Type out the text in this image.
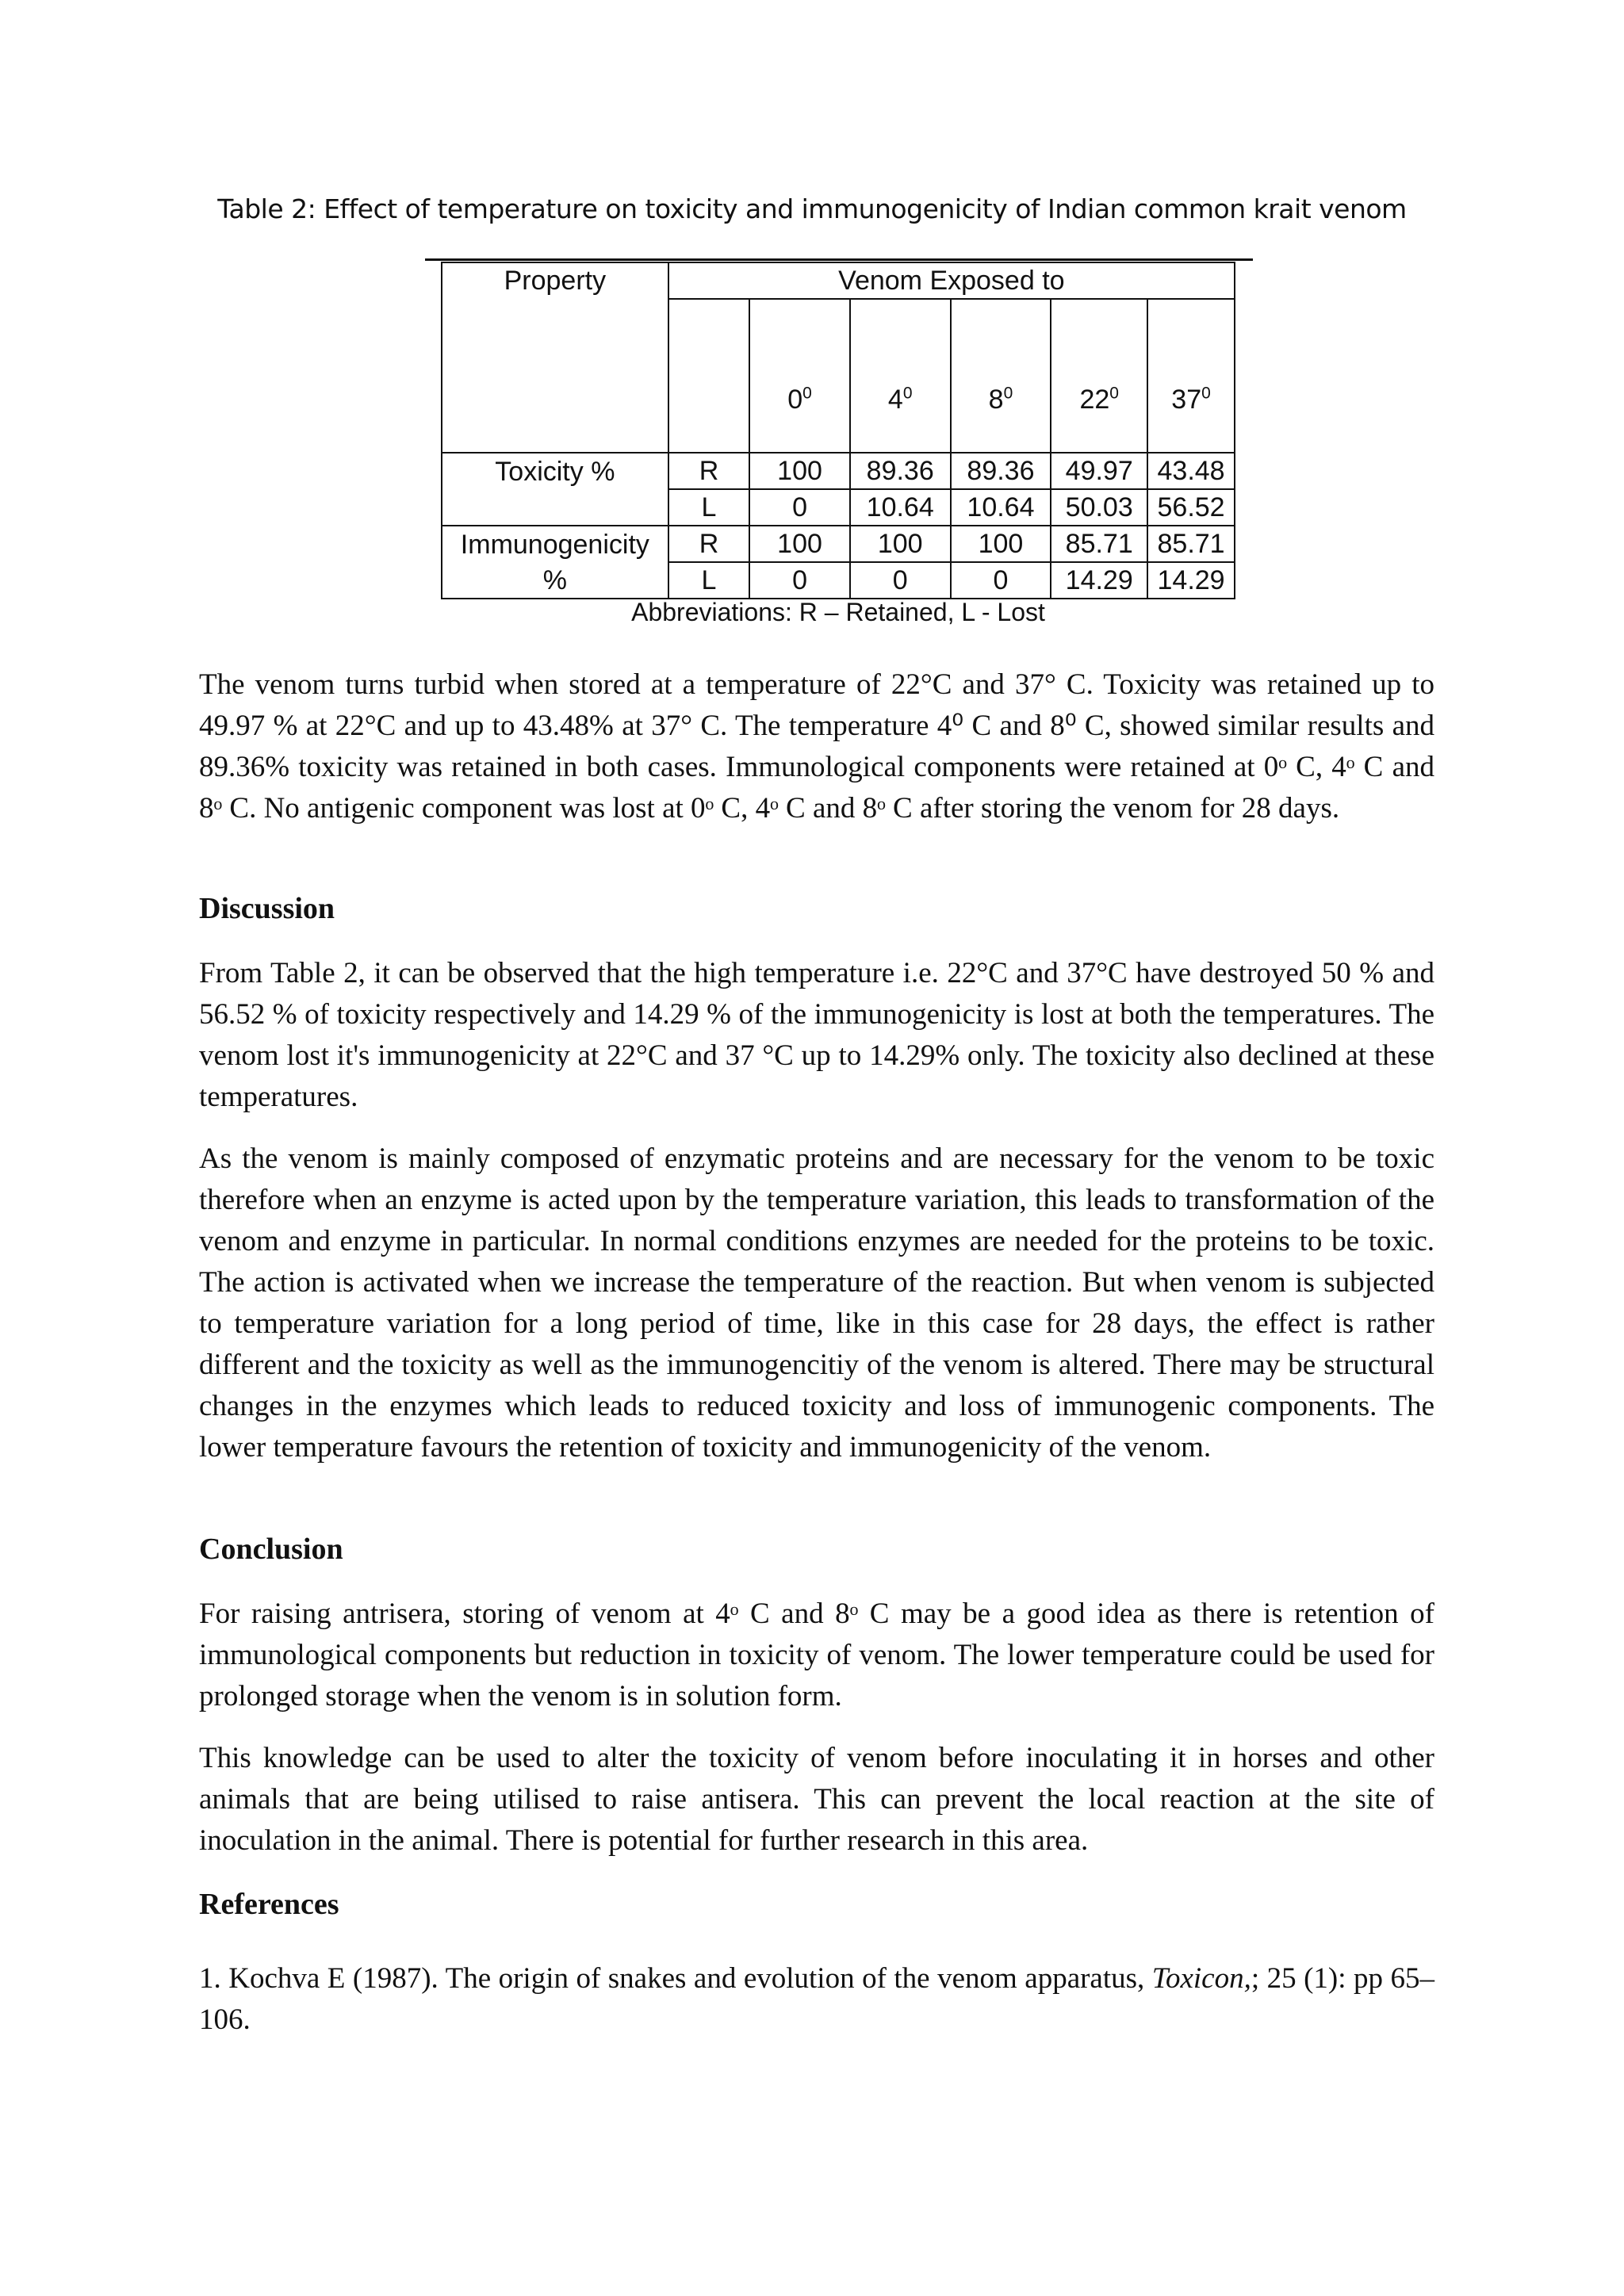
Table 2: Effect of temperature on toxicity and immunogenicity of Indian common krait venom
Property	Venom Exposed to					
		$0^0$	$4^0$	$8^0$	$22^0$	$37^0$
Toxicity %	R	100	89.36	89.36	49.97	43.48
	L	0	10.64	10.64	50.03	56.52
Immunogenicity	R	100	100	100	85.71	85.71
%	L	0	0	0	14.29	14.29
Abbreviations: R – Retained, L - Lost

The venom turns turbid when stored at a temperature of 22°C and 37° C. Toxicity was retained up to 49.97 % at 22°C and up to 43.48% at 37° C. The temperature 4⁰ C and 8⁰ C, showed similar results and 89.36% toxicity was retained in both cases. Immunological components were retained at 0ᵒ C, 4ᵒ C and 8ᵒ C. No antigenic component was lost at 0ᵒ C, 4ᵒ C and 8ᵒ C after storing the venom for 28 days.

Discussion

From Table 2, it can be observed that the high temperature i.e. 22°C and 37°C have destroyed 50 % and 56.52 % of toxicity respectively and 14.29 % of the immunogenicity is lost at both the temperatures. The venom lost it's immunogenicity at 22°C and 37 °C up to 14.29% only. The toxicity also declined at these temperatures.

As the venom is mainly composed of enzymatic proteins and are necessary for the venom to be toxic therefore when an enzyme is acted upon by the temperature variation, this leads to transformation of the venom and enzyme in particular. In normal conditions enzymes are needed for the proteins to be toxic. The action is activated when we increase the temperature of the reaction. But when venom is subjected to temperature variation for a long period of time, like in this case for 28 days, the effect is rather different and the toxicity as well as the immunogencitiy of the venom is altered. There may be structural changes in the enzymes which leads to reduced toxicity and loss of immunogenic components. The lower temperature favours the retention of toxicity and immunogenicity of the venom.

Conclusion

For raising antrisera, storing of venom at 4ᵒ C and 8ᵒ C may be a good idea as there is retention of immunological components but reduction in toxicity of venom. The lower temperature could be used for prolonged storage when the venom is in solution form.

This knowledge can be used to alter the toxicity of venom before inoculating it in horses and other animals that are being utilised to raise antisera. This can prevent the local reaction at the site of inoculation in the animal. There is potential for further research in this area.

References

1. Kochva E (1987). The origin of snakes and evolution of the venom apparatus, Toxicon,; 25 (1): pp 65–106.
